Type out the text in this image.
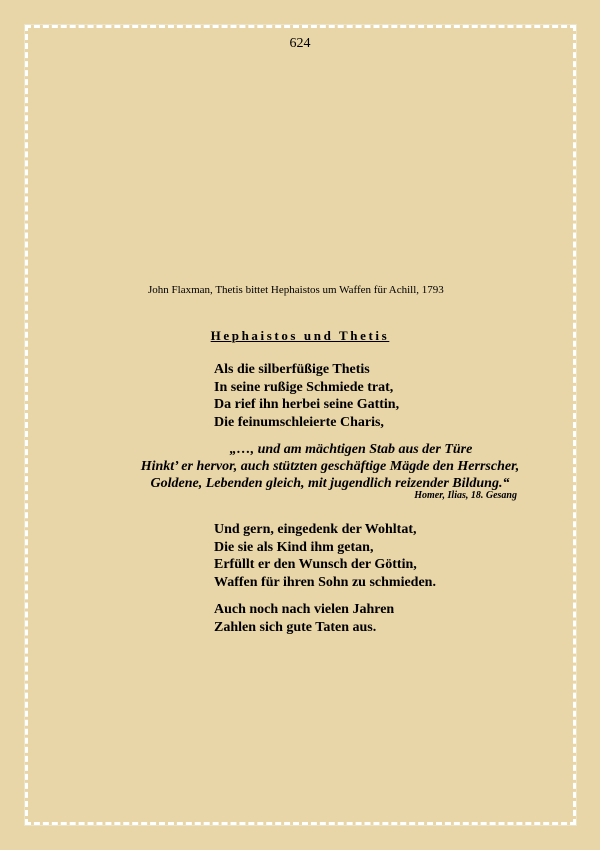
624
John Flaxman, Thetis bittet Hephaistos um Waffen für Achill, 1793
Hephaistos und Thetis
Als die silberfüßige Thetis
In seine rußige Schmiede trat,
Da rief ihn herbei seine Gattin,
Die feinumschleierte Charis,
„…, und am mächtigen Stab aus der Türe
Hinkt’ er hervor, auch stützten geschäftige Mägde den Herrscher,
Goldene, Lebenden gleich, mit jugendlich reizender Bildung.“
Homer, Ilias, 18. Gesang
Und gern, eingedenk der Wohltat,
Die sie als Kind ihm getan,
Erfüllt er den Wunsch der Göttin,
Waffen für ihren Sohn zu schmieden.
Auch noch nach vielen Jahren
Zahlen sich gute Taten aus.
